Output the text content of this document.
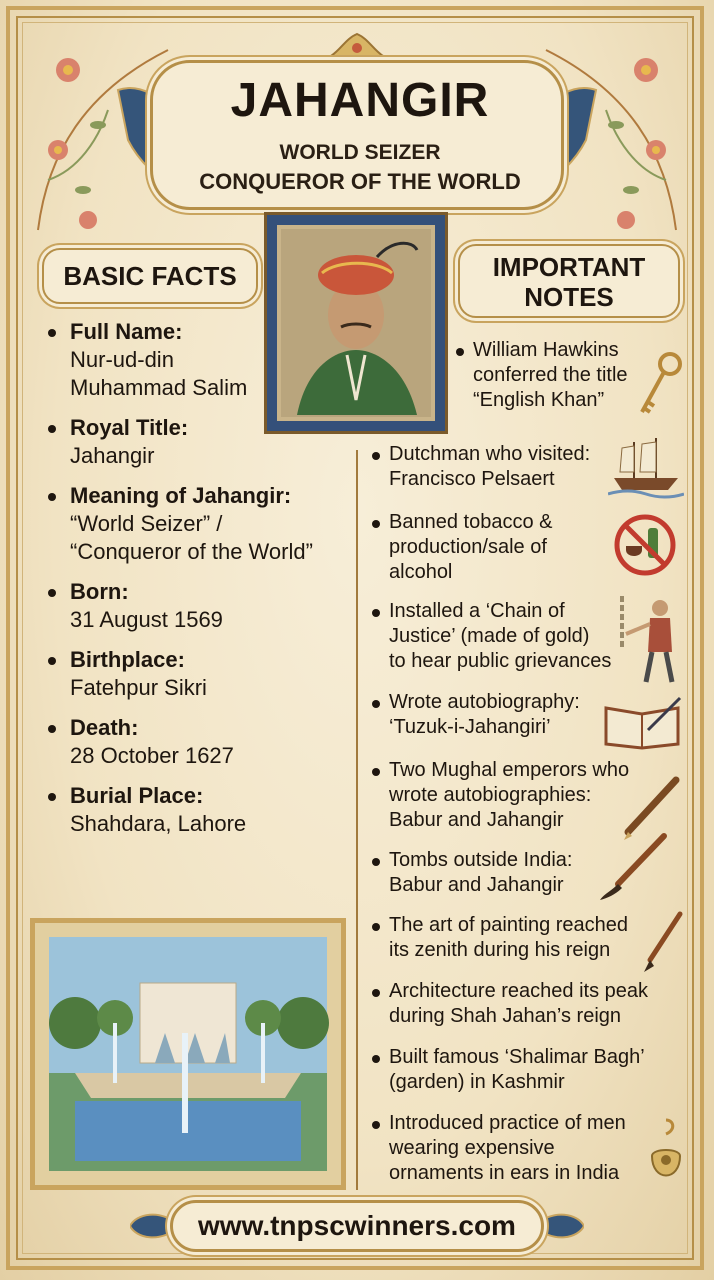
JAHANGIR
WORLD SEIZER
CONQUEROR OF THE WORLD
BASIC FACTS	IMPORTANT
NOTES
Full Name:
Nur-ud-din
Muhammad Salim
Royal Title:
Jahangir
Meaning of Jahangir:
“World Seizer” /
“Conqueror of the World”
Born:
31 August 1569
Birthplace:
Fatehpur Sikri
Death:
28 October 1627
Burial Place:
Shahdara, Lahore
William Hawkins
conferred the title
“English Khan”
Dutchman who visited:
Francisco Pelsaert
Banned tobacco &
production/sale of
alcohol
Installed a ‘Chain of
Justice’ (made of gold)
to hear public grievances
Wrote autobiography:
‘Tuzuk-i-Jahangiri’
Two Mughal emperors who
wrote autobiographies:
Babur and Jahangir
Tombs outside India:
Babur and Jahangir
The art of painting reached
its zenith during his reign
Architecture reached its peak
during Shah Jahan’s reign
Built famous ‘Shalimar Bagh’
(garden) in Kashmir
Introduced practice of men
wearing expensive
ornaments in ears in India
www.tnpscwinners.com
